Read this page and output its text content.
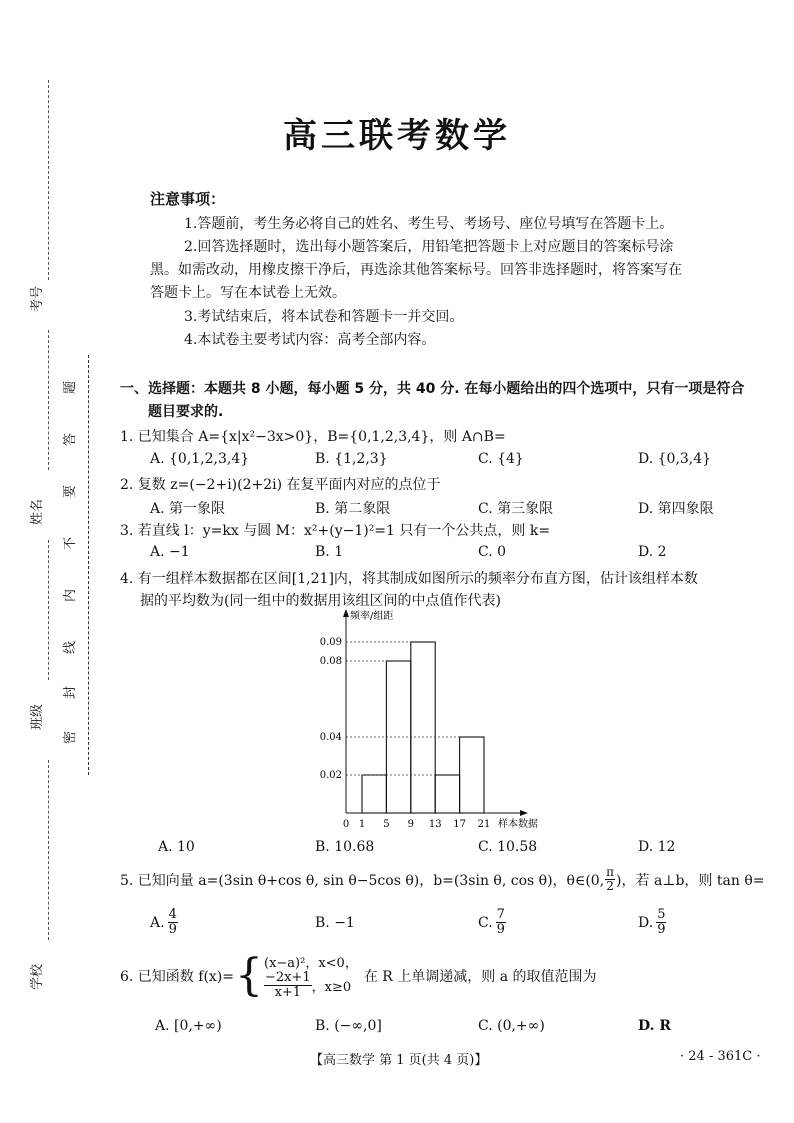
考号
姓名
班级
学校
题
答
要
不
内
线
封
密
高三联考数学
注意事项：
1.答题前，考生务必将自己的姓名、考生号、考场号、座位号填写在答题卡上。
2.回答选择题时，选出每小题答案后，用铅笔把答题卡上对应题目的答案标号涂
黑。如需改动，用橡皮擦干净后，再选涂其他答案标号。回答非选择题时，将答案写在
答题卡上。写在本试卷上无效。
3.考试结束后，将本试卷和答题卡一并交回。
4.本试卷主要考试内容：高考全部内容。
一、选择题：本题共 8 小题，每小题 5 分，共 40 分. 在每小题给出的四个选项中，只有一项是符合
题目要求的.
1. 已知集合 A={x|x²−3x>0}，B={0,1,2,3,4}，则 A∩B=
A. {0,1,2,3,4}	B. {1,2,3}	C. {4}	D. {0,3,4}
2. 复数 z=(−2+i)(2+2i) 在复平面内对应的点位于
A. 第一象限	B. 第二象限	C. 第三象限	D. 第四象限
3. 若直线 l：y=kx 与圆 M：x²+(y−1)²=1 只有一个公共点，则 k=
A. −1	B. 1	C. 0	D. 2
4. 有一组样本数据都在区间[1,21]内，将其制成如图所示的频率分布直方图，估计该组样本数
据的平均数为(同一组中的数据用该组区间的中点值作代表)
频率/组距
样本数据
0.02
0.04
0.08
0.09
0 1 5 9 13 17 21
A. 10	B. 10.68	C. 10.58	D. 12
5. 已知向量 a=(3sin θ+cos θ, sin θ−5cos θ)，b=(3sin θ, cos θ)，θ∈(0, $\frac{\pi}{2}$ )，若 a⊥b，则 tan θ=
A. $\frac{4}{9}$	B. −1	C. $\frac{7}{9}$	D. $\frac{5}{9}$
6. 已知函数 f(x)= { (x−a)²，x<0，
$\frac{-2x+1}{x+1}$ ，x≥0
在 R 上单调递减，则 a 的取值范围为
A. [0,+∞)	B. (−∞,0]	C. (0,+∞)	D. R
【高三数学 第 1 页(共 4 页)】	· 24 - 361C ·
